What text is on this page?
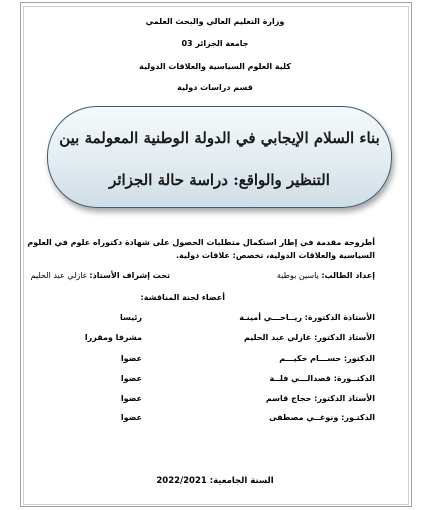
وزارة التعليم العالي والبحث العلمي
جامعة الجزائر 03
كلية العلوم السياسية والعلاقات الدولية
قسم دراسات دولية
بناء السلام الإيجابي في الدولة الوطنية المعولمة بين
التنظير والواقع: دراسة حالة الجزائر
أطروحة مقدمة في إطار استكمال متطلبات الحصول على شهادة دكتوراه علوم في العلوم
السياسية والعلاقات الدولية، تخصص: علاقات دولية.
إعداد الطالب: ياسين بوطبة
تحت إشراف الأستاذ: غازلي عبد الحليم
أعضاء لجنة المناقشة:
الأستاذة الدكتورة: ريــاحـــي أمينـة
رئيسا
الأستاذ الدكتور: غازلي عبد الحليم
مشرفا ومقررا
الدكتور: حســـام حكيـــم
عضوا
الدكتــورة: قصدالـــي فلــة
عضوا
الأستاذ الدكتور: حجاج قاسم
عضوا
الدكتـور: ونوغــي مصطفى
عضوا
السنة الجامعية: 2022/2021
